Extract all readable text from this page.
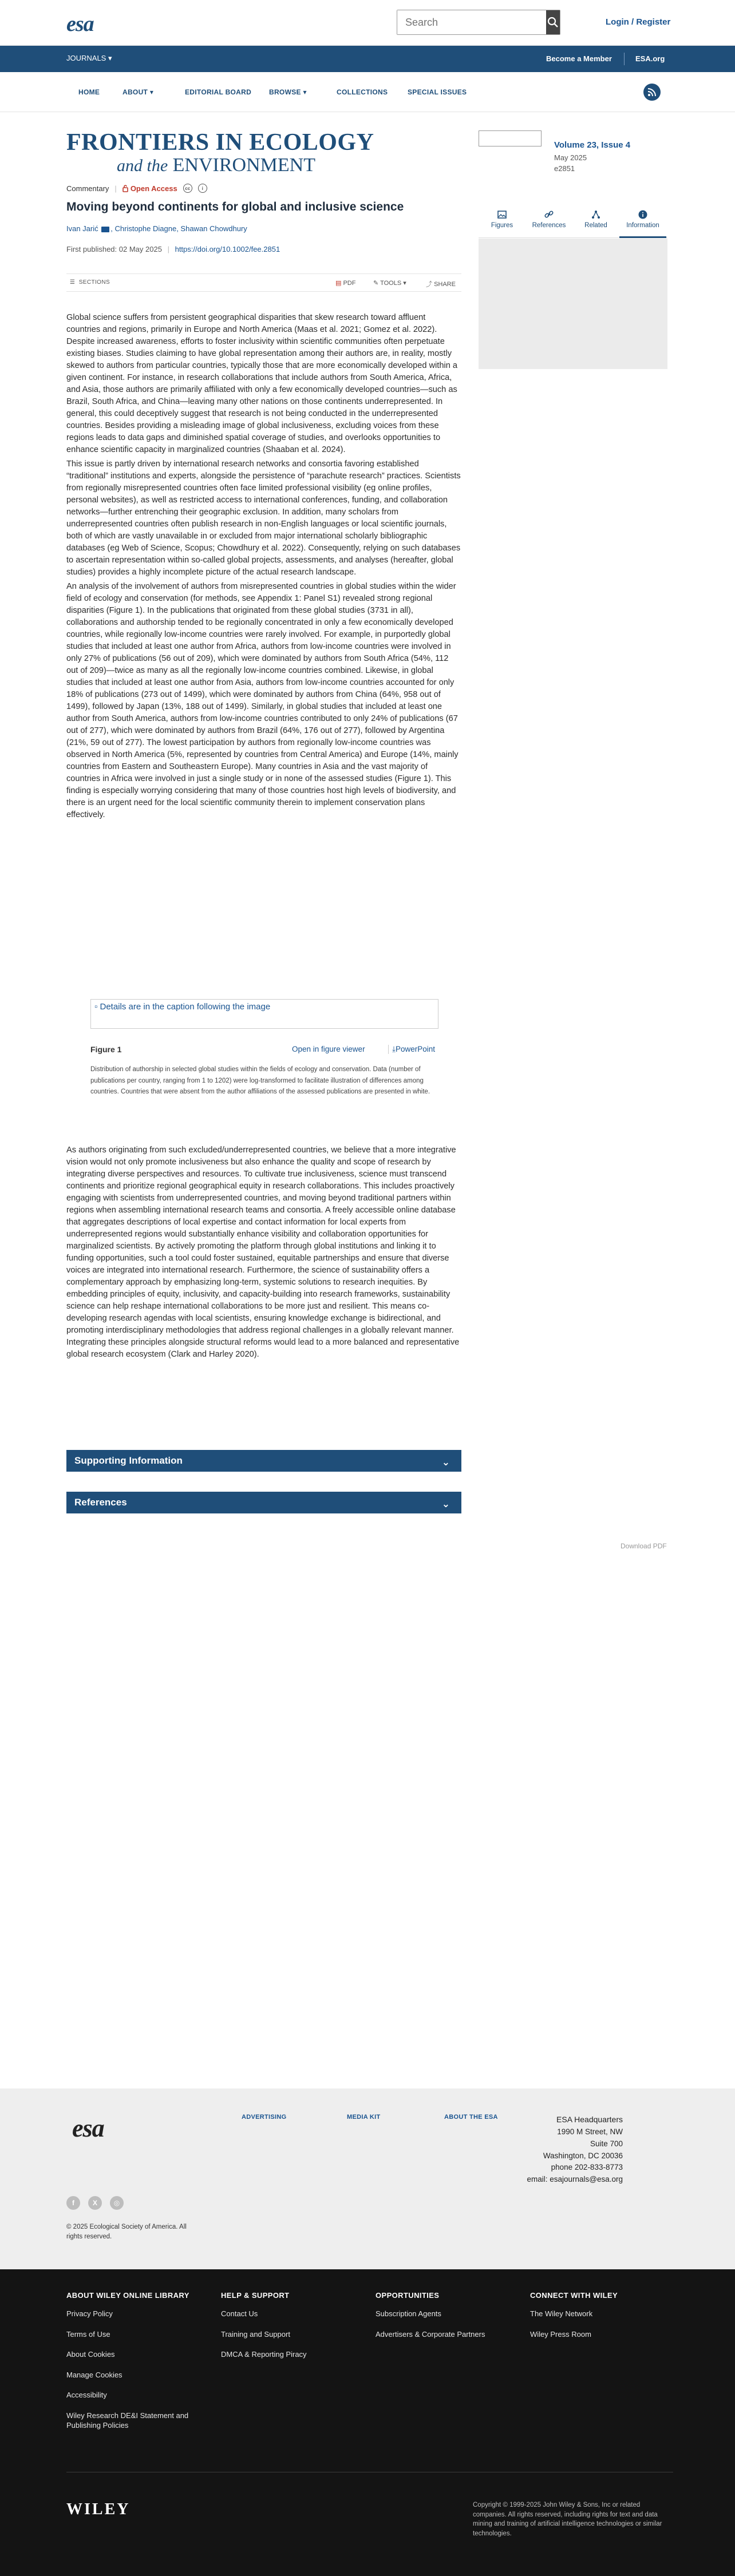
esa
Search	Login / Register
JOURNALS ▾	Become a Member	ESA.org
HOME	ABOUT ▾	EDITORIAL BOARD	BROWSE ▾	COLLECTIONS	SPECIAL ISSUES
FRONTIERS IN ECOLOGY
and the ENVIRONMENT
Commentary | Open Access	cc	i
Moving beyond continents for global and inclusive science
Ivan Jarić , Christophe Diagne, Shawan Chowdhury
First published: 02 May 2025 | https://doi.org/10.1002/fee.2851
☰ SECTIONS	▤ PDF	✎ TOOLS ▾	⤴ SHARE

Global science suffers from persistent geographical disparities that skew research toward affluent countries and regions, primarily in Europe and North America (Maas et al. 2021; Gomez et al. 2022). Despite increased awareness, efforts to foster inclusivity within scientific communities often perpetuate existing biases. Studies claiming to have global representation among their authors are, in reality, mostly skewed to authors from particular countries, typically those that are more economically developed within a given continent. For instance, in research collaborations that include authors from South America, Africa, and Asia, those authors are primarily affiliated with only a few economically developed countries—such as Brazil, South Africa, and China—leaving many other nations on those continents underrepresented. In general, this could deceptively suggest that research is not being conducted in the underrepresented countries. Besides providing a misleading image of global inclusiveness, excluding voices from these regions leads to data gaps and diminished spatial coverage of studies, and overlooks opportunities to enhance scientific capacity in marginalized countries (Shaaban et al. 2024).

This issue is partly driven by international research networks and consortia favoring established “traditional” institutions and experts, alongside the persistence of “parachute research” practices. Scientists from regionally misrepresented countries often face limited professional visibility (eg online profiles, personal websites), as well as restricted access to international conferences, funding, and collaboration networks—further entrenching their geographic exclusion. In addition, many scholars from underrepresented countries often publish research in non-English languages or local scientific journals, both of which are vastly unavailable in or excluded from major international scholarly bibliographic databases (eg Web of Science, Scopus; Chowdhury et al. 2022). Consequently, relying on such databases to ascertain representation within so-called global projects, assessments, and analyses (hereafter, global studies) provides a highly incomplete picture of the actual research landscape.

An analysis of the involvement of authors from misrepresented countries in global studies within the wider field of ecology and conservation (for methods, see Appendix 1: Panel S1) revealed strong regional disparities (Figure 1). In the publications that originated from these global studies (3731 in all), collaborations and authorship tended to be regionally concentrated in only a few economically developed countries, while regionally low-income countries were rarely involved. For example, in purportedly global studies that included at least one author from Africa, authors from low-income countries were involved in only 27% of publications (56 out of 209), which were dominated by authors from South Africa (54%, 112 out of 209)—twice as many as all the regionally low-income countries combined. Likewise, in global studies that included at least one author from Asia, authors from low-income countries accounted for only 18% of publications (273 out of 1499), which were dominated by authors from China (64%, 958 out of 1499), followed by Japan (13%, 188 out of 1499). Similarly, in global studies that included at least one author from South America, authors from low-income countries contributed to only 24% of publications (67 out of 277), which were dominated by authors from Brazil (64%, 176 out of 277), followed by Argentina (21%, 59 out of 277). The lowest participation by authors from regionally low-income countries was observed in North America (5%, represented by countries from Central America) and Europe (14%, mainly countries from Eastern and Southeastern Europe). Many countries in Asia and the vast majority of countries in Africa were involved in just a single study or in none of the assessed studies (Figure 1). This finding is especially worrying considering that many of those countries host high levels of biodiversity, and there is an urgent need for the local scientific community therein to implement conservation plans effectively.

▫ Details are in the caption following the image
Figure 1	Open in figure viewer	⤓PowerPoint
Distribution of authorship in selected global studies within the fields of ecology and conservation. Data (number of publications per country, ranging from 1 to 1202) were log-transformed to facilitate illustration of differences among countries. Countries that were absent from the author affiliations of the assessed publications are presented in white.

As authors originating from such excluded/underrepresented countries, we believe that a more integrative vision would not only promote inclusiveness but also enhance the quality and scope of research by integrating diverse perspectives and resources. To cultivate true inclusiveness, science must transcend continents and prioritize regional geographical equity in research collaborations. This includes proactively engaging with scientists from underrepresented countries, and moving beyond traditional partners within regions when assembling international research teams and consortia. A freely accessible online database that aggregates descriptions of local expertise and contact information for local experts from underrepresented regions would substantially enhance visibility and collaboration opportunities for marginalized scientists. By actively promoting the platform through global institutions and linking it to funding opportunities, such a tool could foster sustained, equitable partnerships and ensure that diverse voices are integrated into international research. Furthermore, the science of sustainability offers a complementary approach by emphasizing long-term, systemic solutions to research inequities. By embedding principles of equity, inclusivity, and capacity-building into research frameworks, sustainability science can help reshape international collaborations to be more just and resilient. This means co-developing research agendas with local scientists, ensuring knowledge exchange is bidirectional, and promoting interdisciplinary methodologies that address regional challenges in a globally relevant manner. Integrating these principles alongside structural reforms would lead to a more balanced and representative global research ecosystem (Clark and Harley 2020).

Supporting Information	⌄
References	⌄
Download PDF
Volume 23, Issue 4
May 2025
e2851
Figures	References	Related	Information
esa	ADVERTISING	MEDIA KIT	ABOUT THE ESA	ESA Headquarters
1990 M Street, NW
Suite 700
Washington, DC 20036
phone 202-833-8773
email: esajournals@esa.org
f	X	◎
© 2025 Ecological Society of America. All rights reserved.
ABOUT WILEY ONLINE LIBRARY
Privacy Policy
Terms of Use
About Cookies
Manage Cookies
Accessibility
Wiley Research DE&I Statement and Publishing Policies
HELP & SUPPORT
Contact Us
Training and Support
DMCA & Reporting Piracy
OPPORTUNITIES
Subscription Agents
Advertisers & Corporate Partners
CONNECT WITH WILEY
The Wiley Network
Wiley Press Room
WILEY	Copyright © 1999-2025 John Wiley & Sons, Inc or related companies. All rights reserved, including rights for text and data mining and training of artificial intelligence technologies or similar technologies.
